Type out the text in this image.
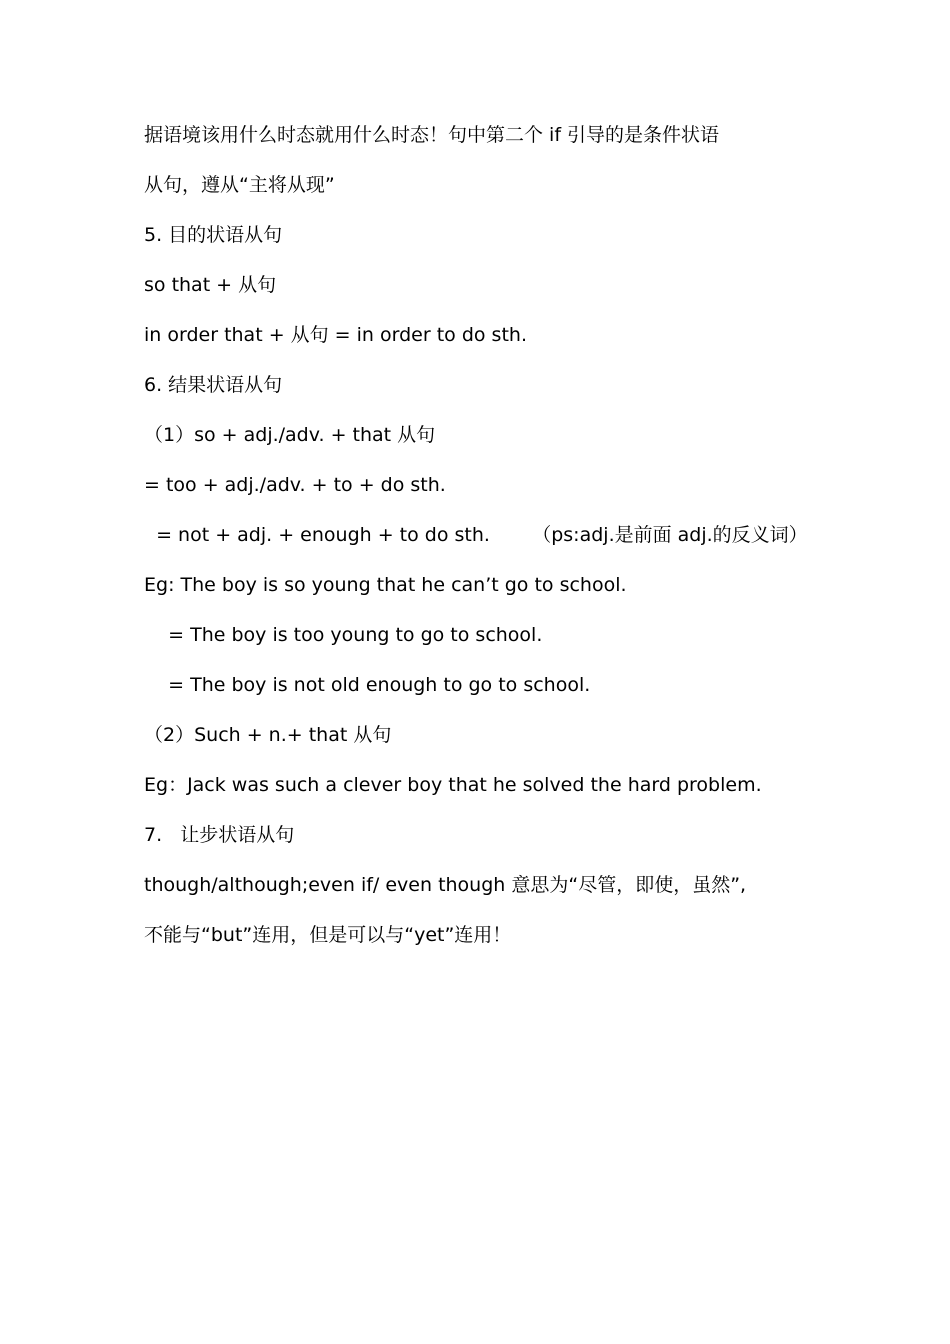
据语境该用什么时态就用什么时态！句中第二个 if 引导的是条件状语
从句，遵从“主将从现”
5. 目的状语从句
so that + 从句
in order that + 从句 = in order to do sth.
6. 结果状语从句
（1）so + adj./adv. + that 从句
= too + adj./adv. + to + do sth.
= not + adj. + enough + to do sth.       （ps:adj.是前面 adj.的反义词）
Eg: The boy is so young that he can’t go to school.
= The boy is too young to go to school.
= The boy is not old enough to go to school.
（2）Such + n.+ that 从句
Eg：Jack was such a clever boy that he solved the hard problem.
7.   让步状语从句
though/although;even if/ even though 意思为“尽管，即使，虽然”,
不能与“but”连用，但是可以与“yet”连用！
